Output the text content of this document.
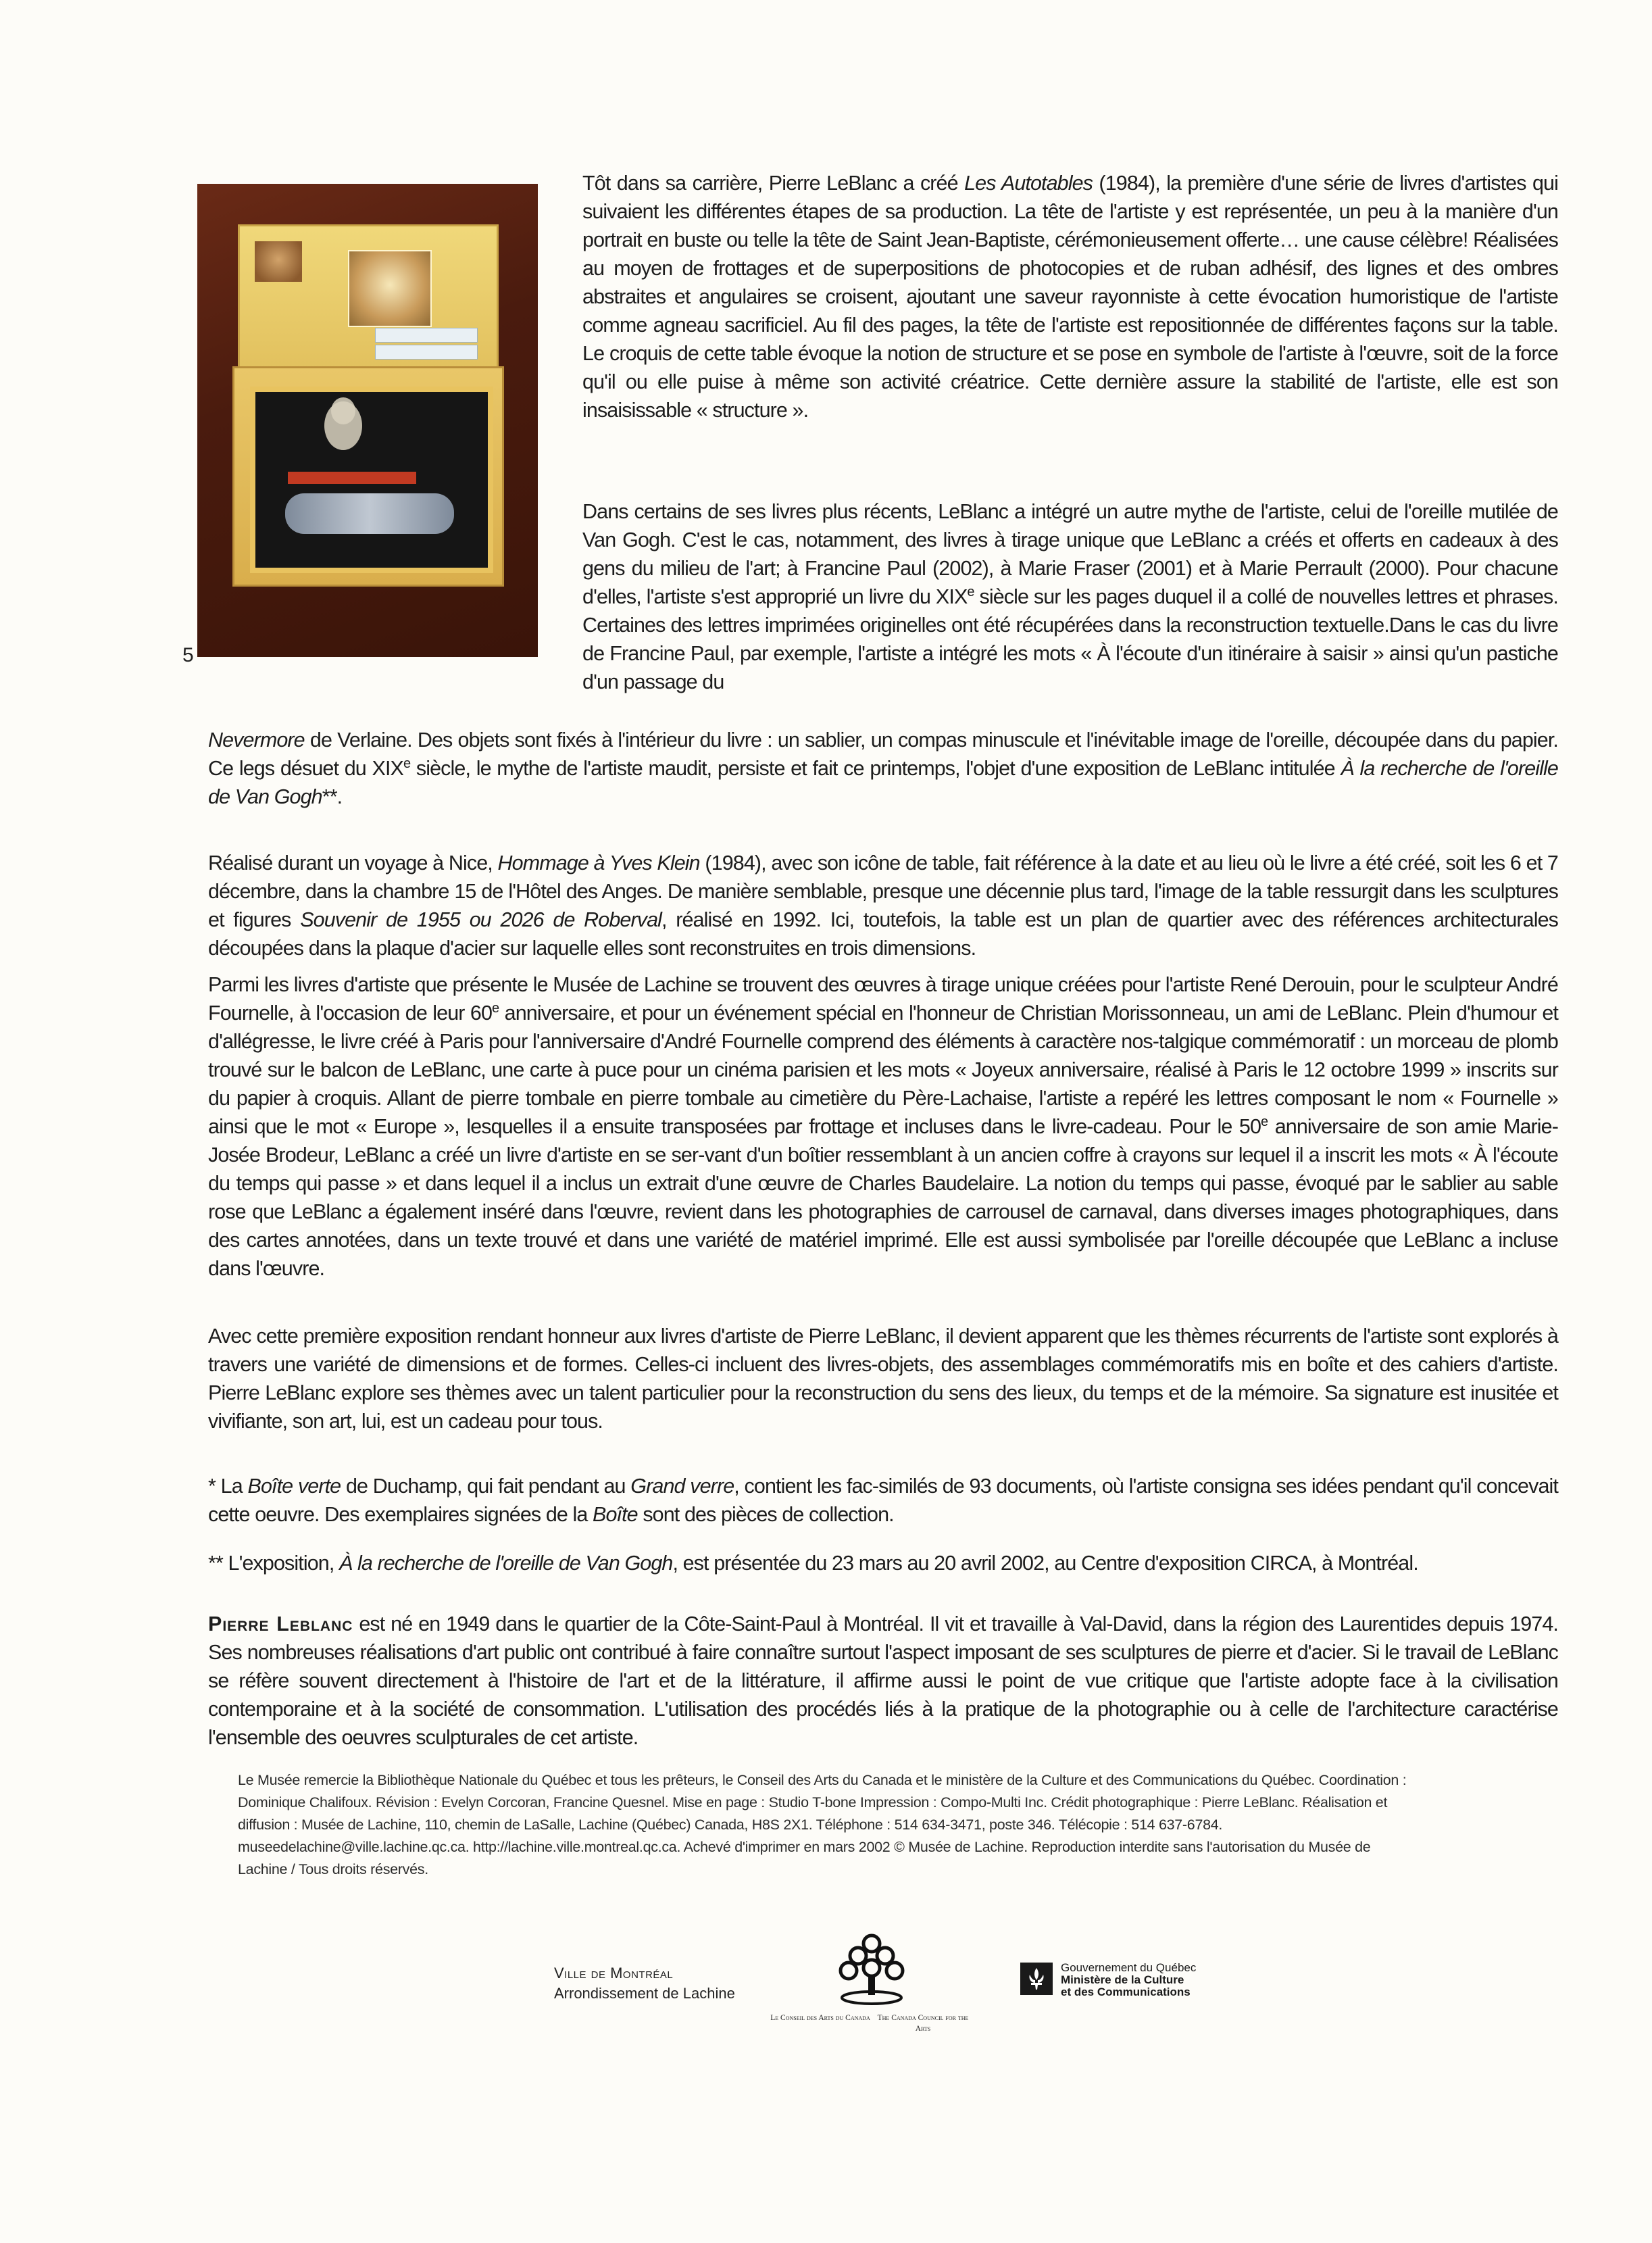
5

Tôt dans sa carrière, Pierre LeBlanc a créé Les Autotables (1984), la première d'une série de livres d'artistes qui suivaient les différentes étapes de sa production. La tête de l'artiste y est représentée, un peu à la manière d'un portrait en buste ou telle la tête de Saint Jean-Baptiste, cérémonieusement offerte… une cause célèbre! Réalisées au moyen de frottages et de superpositions de photocopies et de ruban adhésif, des lignes et des ombres abstraites et angulaires se croisent, ajoutant une saveur rayonniste à cette évocation humoristique de l'artiste comme agneau sacrificiel. Au fil des pages, la tête de l'artiste est repositionnée de différentes façons sur la table. Le croquis de cette table évoque la notion de structure et se pose en symbole de l'artiste à l'œuvre, soit de la force qu'il ou elle puise à même son activité créatrice. Cette dernière assure la stabilité de l'artiste, elle est son insaisissable « structure ».

Dans certains de ses livres plus récents, LeBlanc a intégré un autre mythe de l'artiste, celui de l'oreille mutilée de Van Gogh. C'est le cas, notamment, des livres à tirage unique que LeBlanc a créés et offerts en cadeaux à des gens du milieu de l'art; à Francine Paul (2002), à Marie Fraser (2001) et à Marie Perrault (2000). Pour chacune d'elles, l'artiste s'est approprié un livre du XIXe siècle sur les pages duquel il a collé de nouvelles lettres et phrases. Certaines des lettres imprimées originelles ont été récupérées dans la reconstruction textuelle.Dans le cas du livre de Francine Paul, par exemple, l'artiste a intégré les mots « À l'écoute d'un itinéraire à saisir » ainsi qu'un pastiche d'un passage du

Nevermore de Verlaine. Des objets sont fixés à l'intérieur du livre : un sablier, un compas minuscule et l'inévitable image de l'oreille, découpée dans du papier. Ce legs désuet du XIXe siècle, le mythe de l'artiste maudit, persiste et fait ce printemps, l'objet d'une exposition de LeBlanc intitulée À la recherche de l'oreille de Van Gogh**.

Réalisé durant un voyage à Nice, Hommage à Yves Klein (1984), avec son icône de table, fait référence à la date et au lieu où le livre a été créé, soit les 6 et 7 décembre, dans la chambre 15 de l'Hôtel des Anges. De manière semblable, presque une décennie plus tard, l'image de la table ressurgit dans les sculptures et figures Souvenir de 1955 ou 2026 de Roberval, réalisé en 1992. Ici, toutefois, la table est un plan de quartier avec des références architecturales découpées dans la plaque d'acier sur laquelle elles sont reconstruites en trois dimensions.

Parmi les livres d'artiste que présente le Musée de Lachine se trouvent des œuvres à tirage unique créées pour l'artiste René Derouin, pour le sculpteur André Fournelle, à l'occasion de leur 60e anniversaire, et pour un événement spécial en l'honneur de Christian Morissonneau, un ami de LeBlanc. Plein d'humour et d'allégresse, le livre créé à Paris pour l'anniversaire d'André Fournelle comprend des éléments à caractère nos-talgique commémoratif : un morceau de plomb trouvé sur le balcon de LeBlanc, une carte à puce pour un cinéma parisien et les mots « Joyeux anniversaire, réalisé à Paris le 12 octobre 1999 » inscrits sur du papier à croquis. Allant de pierre tombale en pierre tombale au cimetière du Père-Lachaise, l'artiste a repéré les lettres composant le nom « Fournelle » ainsi que le mot « Europe », lesquelles il a ensuite transposées par frottage et incluses dans le livre-cadeau. Pour le 50e anniversaire de son amie Marie-Josée Brodeur, LeBlanc a créé un livre d'artiste en se ser-vant d'un boîtier ressemblant à un ancien coffre à crayons sur lequel il a inscrit les mots « À l'écoute du temps qui passe » et dans lequel il a inclus un extrait d'une œuvre de Charles Baudelaire. La notion du temps qui passe, évoqué par le sablier au sable rose que LeBlanc a également inséré dans l'œuvre, revient dans les photographies de carrousel de carnaval, dans diverses images photographiques, dans des cartes annotées, dans un texte trouvé et dans une variété de matériel imprimé. Elle est aussi symbolisée par l'oreille découpée que LeBlanc a incluse dans l'œuvre.

Avec cette première exposition rendant honneur aux livres d'artiste de Pierre LeBlanc, il devient apparent que les thèmes récurrents de l'artiste sont explorés à travers une variété de dimensions et de formes. Celles-ci incluent des livres-objets, des assemblages commémoratifs mis en boîte et des cahiers d'artiste. Pierre LeBlanc explore ses thèmes avec un talent particulier pour la reconstruction du sens des lieux, du temps et de la mémoire. Sa signature est inusitée et vivifiante, son art, lui, est un cadeau pour tous.

* La Boîte verte de Duchamp, qui fait pendant au Grand verre, contient les fac-similés de 93 documents, où l'artiste consigna ses idées pendant qu'il concevait cette oeuvre. Des exemplaires signées de la Boîte sont des pièces de collection.

** L'exposition, À la recherche de l'oreille de Van Gogh, est présentée du 23 mars au 20 avril 2002, au Centre d'exposition CIRCA, à Montréal.

Pierre Leblanc est né en 1949 dans le quartier de la Côte-Saint-Paul à Montréal. Il vit et travaille à Val-David, dans la région des Laurentides depuis 1974. Ses nombreuses réalisations d'art public ont contribué à faire connaître surtout l'aspect imposant de ses sculptures de pierre et d'acier. Si le travail de LeBlanc se réfère souvent directement à l'histoire de l'art et de la littérature, il affirme aussi le point de vue critique que l'artiste adopte face à la civilisation contemporaine et à la société de consommation. L'utilisation des procédés liés à la pratique de la photographie ou à celle de l'architecture caractérise l'ensemble des oeuvres sculpturales de cet artiste.

Le Musée remercie la Bibliothèque Nationale du Québec et tous les prêteurs, le Conseil des Arts du Canada et le ministère de la Culture et des Communications du Québec. Coordination : Dominique Chalifoux. Révision : Evelyn Corcoran, Francine Quesnel. Mise en page : Studio T-bone Impression : Compo-Multi Inc. Crédit photographique : Pierre LeBlanc. Réalisation et diffusion : Musée de Lachine, 110, chemin de LaSalle, Lachine (Québec) Canada, H8S 2X1. Téléphone : 514 634-3471, poste 346. Télécopie : 514 637-6784. museedelachine@ville.lachine.qc.ca. http://lachine.ville.montreal.qc.ca. Achevé d'imprimer en mars 2002 © Musée de Lachine. Reproduction interdite sans l'autorisation du Musée de Lachine / Tous droits réservés.

Ville de Montréal
Arrondissement de Lachine
Le Conseil des Arts du Canada The Canada Council for the Arts
Gouvernement du Québec
Ministère de la Culture
et des Communications
